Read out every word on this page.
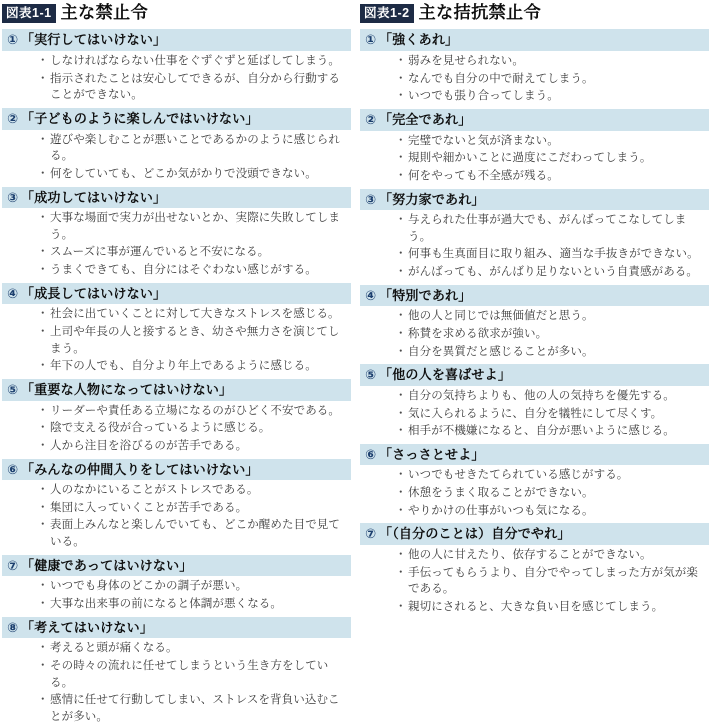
図表1-1 主な禁止令
① 「実行してはいけない」
・ しなければならない仕事をぐずぐずと延ばしてしまう。
・ 指示されたことは安心してできるが、自分から行動することができない。
② 「子どものように楽しんではいけない」
・ 遊びや楽しむことが悪いことであるかのように感じられる。
・ 何をしていても、どこか気がかりで没頭できない。
③ 「成功してはいけない」
・ 大事な場面で実力が出せないとか、実際に失敗してしまう。
・ スムーズに事が運んでいると不安になる。
・ うまくできても、自分にはそぐわない感じがする。
④ 「成長してはいけない」
・ 社会に出ていくことに対して大きなストレスを感じる。
・ 上司や年長の人と接するとき、幼さや無力さを演じてしまう。
・ 年下の人でも、自分より年上であるように感じる。
⑤ 「重要な人物になってはいけない」
・ リーダーや責任ある立場になるのがひどく不安である。
・ 陰で支える役が合っているように感じる。
・ 人から注目を浴びるのが苦手である。
⑥ 「みんなの仲間入りをしてはいけない」
・ 人のなかにいることがストレスである。
・ 集団に入っていくことが苦手である。
・ 表面上みんなと楽しんでいても、どこか醒めた目で見ている。
⑦ 「健康であってはいけない」
・ いつでも身体のどこかの調子が悪い。
・ 大事な出来事の前になると体調が悪くなる。
⑧ 「考えてはいけない」
・ 考えると頭が痛くなる。
・ その時々の流れに任せてしまうという生き方をしている。
・ 感情に任せて行動してしまい、ストレスを背負い込むことが多い。
図表1-2 主な拮抗禁止令
① 「強くあれ」
・ 弱みを見せられない。
・ なんでも自分の中で耐えてしまう。
・ いつでも張り合ってしまう。
② 「完全であれ」
・ 完璧でないと気が済まない。
・ 規則や細かいことに過度にこだわってしまう。
・ 何をやっても不全感が残る。
③ 「努力家であれ」
・ 与えられた仕事が過大でも、がんばってこなしてしまう。
・ 何事も生真面目に取り組み、適当な手抜きができない。
・ がんばっても、がんばり足りないという自責感がある。
④ 「特別であれ」
・ 他の人と同じでは無価値だと思う。
・ 称賛を求める欲求が強い。
・ 自分を異質だと感じることが多い。
⑤ 「他の人を喜ばせよ」
・ 自分の気持ちよりも、他の人の気持ちを優先する。
・ 気に入られるように、自分を犠牲にして尽くす。
・ 相手が不機嫌になると、自分が悪いように感じる。
⑥ 「さっさとせよ」
・ いつでもせきたてられている感じがする。
・ 休憩をうまく取ることができない。
・ やりかけの仕事がいつも気になる。
⑦ 「（自分のことは）自分でやれ」
・ 他の人に甘えたり、依存することができない。
・ 手伝ってもらうより、自分でやってしまった方が気が楽である。
・ 親切にされると、大きな負い目を感じてしまう。
